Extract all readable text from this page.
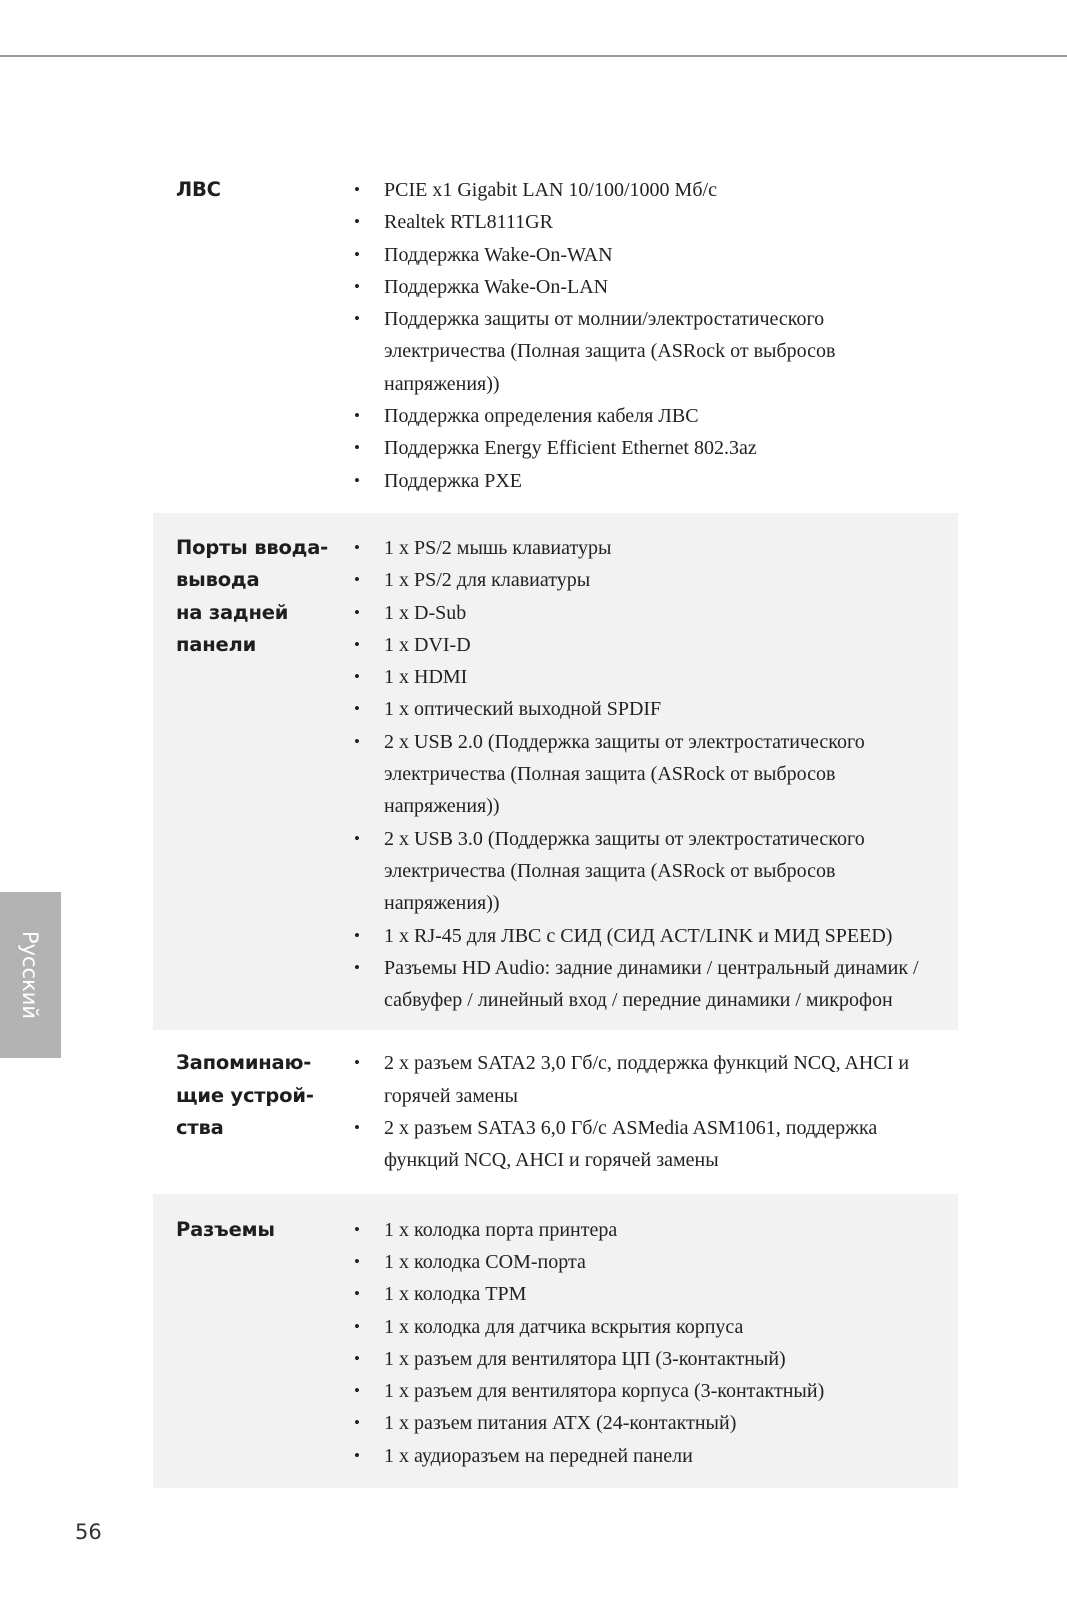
ЛВС	• PCIE x1 Gigabit LAN 10/100/1000 Мб/с
• Realtek RTL8111GR
• Поддержка Wake-On-WAN
• Поддержка Wake-On-LAN
• Поддержка защиты от молнии/электростатического электричества (Полная защита (ASRock от выбросов напряжения))
• Поддержка определения кабеля ЛВС
• Поддержка Energy Efficient Ethernet 802.3az
• Поддержка PXE
Порты ввода-
вывода
на задней
панели
• 1 x PS/2 мышь клавиатуры
• 1 x PS/2 для клавиатуры
• 1 x D-Sub
• 1 x DVI-D
• 1 x HDMI
• 1 x оптический выходной SPDIF
• 2 x USB 2.0 (Поддержка защиты от электростатического электричества (Полная защита (ASRock от выбросов напряжения))
• 2 x USB 3.0 (Поддержка защиты от электростатического электричества (Полная защита (ASRock от выбросов напряжения))
• 1 x RJ-45 для ЛВС с СИД (СИД ACT/LINK и МИД SPEED)
• Разъемы HD Audio: задние динамики / центральный динамик / сабвуфер / линейный вход / передние динамики / микрофон
Запоминаю-
щие устрой-
ства
• 2 x разъем SATA2 3,0 Гб/с, поддержка функций NCQ, AHCI и горячей замены
• 2 x разъем SATA3 6,0 Гб/с ASMedia ASM1061, поддержка функций NCQ, AHCI и горячей замены
Разъемы	• 1 x колодка порта принтера
• 1 x колодка COM-порта
• 1 x колодка TPM
• 1 x колодка для датчика вскрытия корпуса
• 1 x разъем для вентилятора ЦП (3-контактный)
• 1 x разъем для вентилятора корпуса (3-контактный)
• 1 x разъем питания ATX (24-контактный)
• 1 x аудиоразъем на передней панели
Русский
56
